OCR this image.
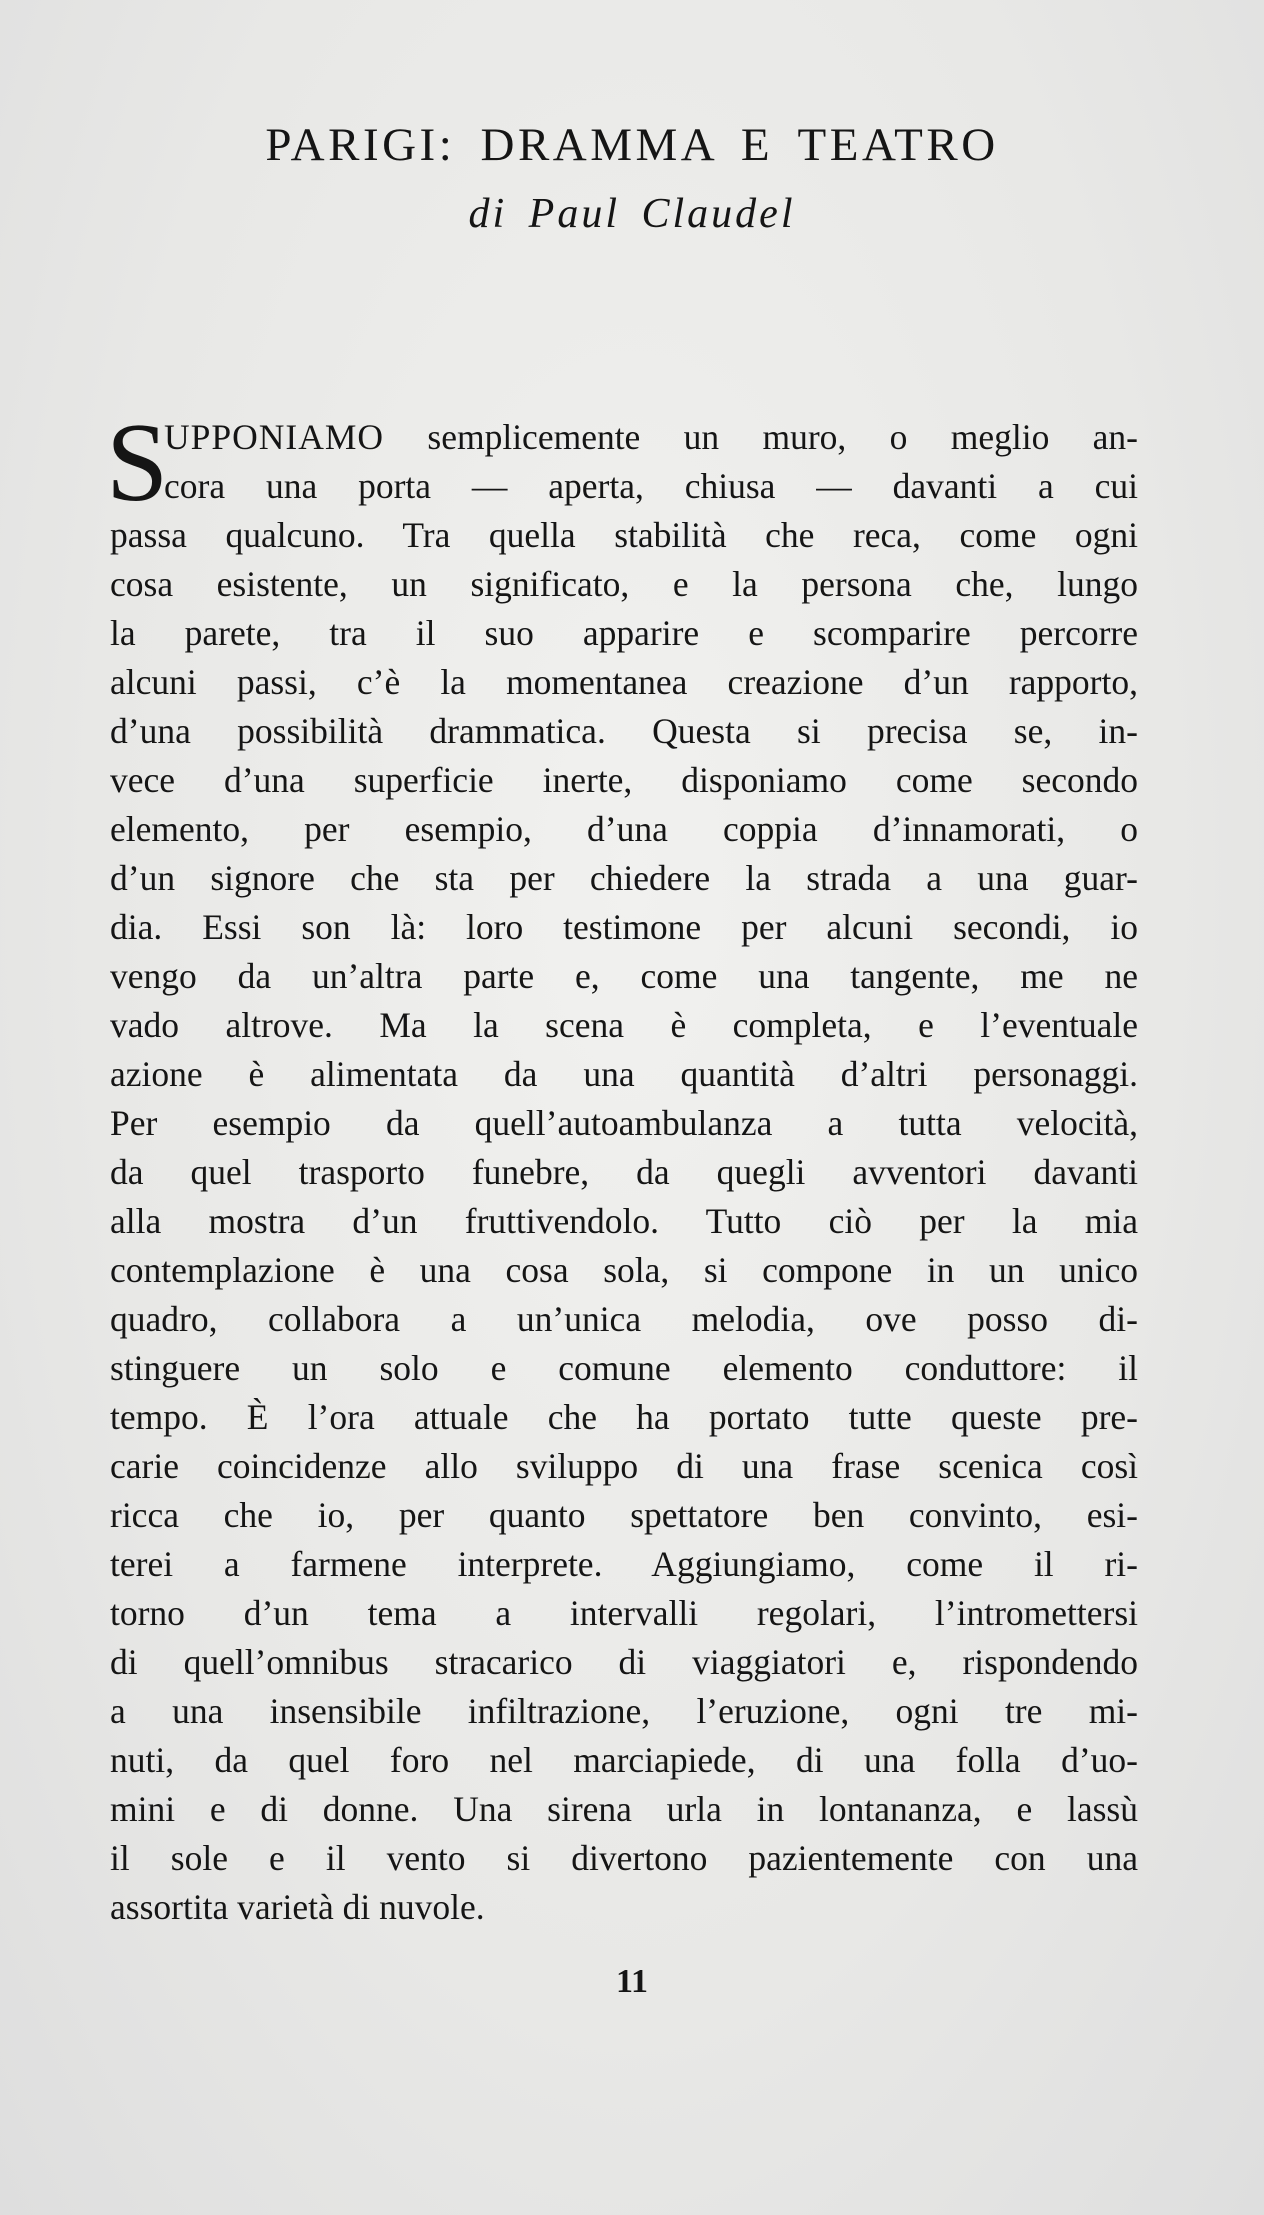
PARIGI: DRAMMA E TEATRO
di Paul Claudel
S
UPPONIAMO semplicemente un muro, o meglio an-
cora una porta — aperta, chiusa — davanti a cui
passa qualcuno. Tra quella stabilità che reca, come ogni
cosa esistente, un significato, e la persona che, lungo
la parete, tra il suo apparire e scomparire percorre
alcuni passi, c’è la momentanea creazione d’un rapporto,
d’una possibilità drammatica. Questa si precisa se, in-
vece d’una superficie inerte, disponiamo come secondo
elemento, per esempio, d’una coppia d’innamorati, o
d’un signore che sta per chiedere la strada a una guar-
dia. Essi son là: loro testimone per alcuni secondi, io
vengo da un’altra parte e, come una tangente, me ne
vado altrove. Ma la scena è completa, e l’eventuale
azione è alimentata da una quantità d’altri personaggi.
Per esempio da quell’autoambulanza a tutta velocità,
da quel trasporto funebre, da quegli avventori davanti
alla mostra d’un fruttivendolo. Tutto ciò per la mia
contemplazione è una cosa sola, si compone in un unico
quadro, collabora a un’unica melodia, ove posso di-
stinguere un solo e comune elemento conduttore: il
tempo. È l’ora attuale che ha portato tutte queste pre-
carie coincidenze allo sviluppo di una frase scenica così
ricca che io, per quanto spettatore ben convinto, esi-
terei a farmene interprete. Aggiungiamo, come il ri-
torno d’un tema a intervalli regolari, l’intromettersi
di quell’omnibus stracarico di viaggiatori e, rispondendo
a una insensibile infiltrazione, l’eruzione, ogni tre mi-
nuti, da quel foro nel marciapiede, di una folla d’uo-
mini e di donne. Una sirena urla in lontananza, e lassù
il sole e il vento si divertono pazientemente con una
assortita varietà di nuvole.
11
